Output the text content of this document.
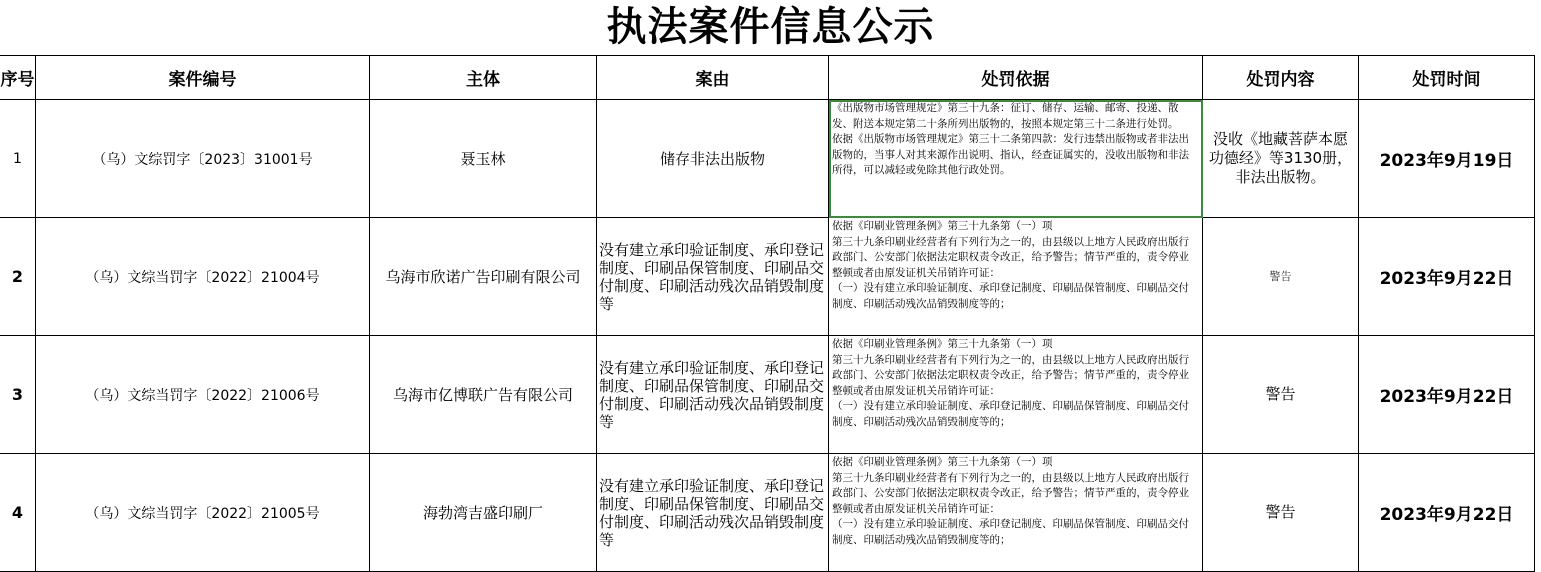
执法案件信息公示
序号	案件编号	主体	案由	处罚依据	处罚内容	处罚时间
1	（乌）文综罚字〔2023〕31001号	聂玉林	储存非法出版物	《出版物市场管理规定》第三十九条：征订、储存、运输、邮寄、投递、散发、附送本规定第二十条所列出版物的，按照本规定第三十二条进行处罚。
依据《出版物市场管理规定》第三十二条第四款：发行违禁出版物或者非法出版物的，当事人对其来源作出说明、指认，经查证属实的，没收出版物和非法所得，可以减轻或免除其他行政处罚。	没收《地藏菩萨本愿功德经》等3130册，非法出版物。	2023年9月19日
2	（乌）文综当罚字〔2022〕21004号	乌海市欣诺广告印刷有限公司	没有建立承印验证制度、承印登记制度、印刷品保管制度、印刷品交付制度、印刷活动残次品销毁制度等	依据《印刷业管理条例》第三十九条第（一）项
第三十九条印刷业经营者有下列行为之一的，由县级以上地方人民政府出版行政部门、公安部门依据法定职权责令改正，给予警告；情节严重的，责令停业整顿或者由原发证机关吊销许可证：
（一）没有建立承印验证制度、承印登记制度、印刷品保管制度、印刷品交付制度、印刷活动残次品销毁制度等的；	警告	2023年9月22日
3	（乌）文综当罚字〔2022〕21006号	乌海市亿博联广告有限公司	没有建立承印验证制度、承印登记制度、印刷品保管制度、印刷品交付制度、印刷活动残次品销毁制度等	依据《印刷业管理条例》第三十九条第（一）项
第三十九条印刷业经营者有下列行为之一的，由县级以上地方人民政府出版行政部门、公安部门依据法定职权责令改正，给予警告；情节严重的，责令停业整顿或者由原发证机关吊销许可证：
（一）没有建立承印验证制度、承印登记制度、印刷品保管制度、印刷品交付制度、印刷活动残次品销毁制度等的；	警告	2023年9月22日
4	（乌）文综当罚字〔2022〕21005号	海勃湾吉盛印刷厂	没有建立承印验证制度、承印登记制度、印刷品保管制度、印刷品交付制度、印刷活动残次品销毁制度等	依据《印刷业管理条例》第三十九条第（一）项
第三十九条印刷业经营者有下列行为之一的，由县级以上地方人民政府出版行政部门、公安部门依据法定职权责令改正，给予警告；情节严重的，责令停业整顿或者由原发证机关吊销许可证：
（一）没有建立承印验证制度、承印登记制度、印刷品保管制度、印刷品交付制度、印刷活动残次品销毁制度等的；	警告	2023年9月22日
